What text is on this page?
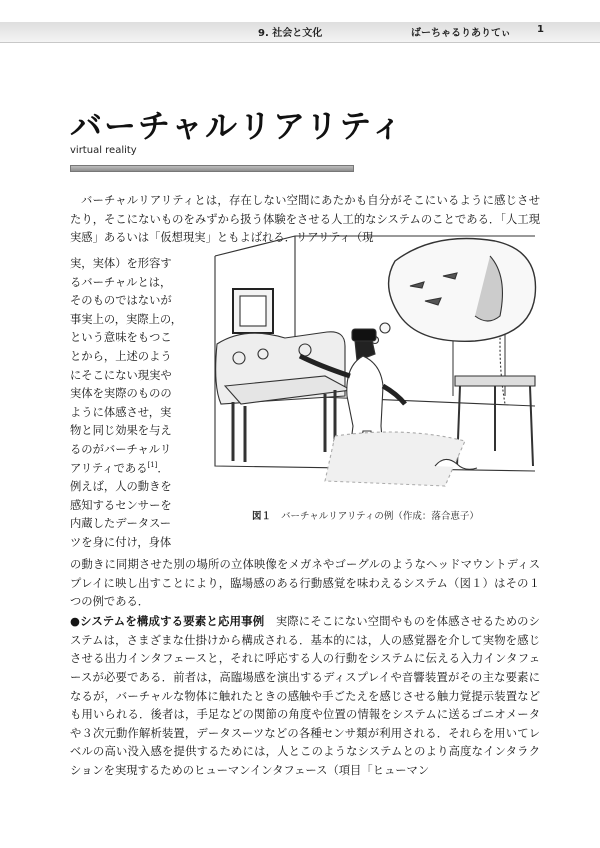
9. 社会と文化	ばーちゃるりありてぃ	1
バーチャルリアリティ
virtual reality

バーチャルリアリティとは，存在しない空間にあたかも自分がそこにいるように感じさせたり，そこにないものをみずから扱う体験をさせる人工的なシステムのことである．「人工現実感」あるいは「仮想現実」ともよばれる．リアリティ（現

実，実体）を形容す
るバーチャルとは，
そのものではないが
事実上の，実際上の，
という意味をもつこ
とから，上述のよう
にそこにない現実や
実体を実際のものの
ように体感させ，実
物と同じ効果を与え
るのがバーチャルリ
アリティである[1]．
例えば，人の動きを
感知するセンサーを
内蔵したデータスー
ツを身に付け，身体
図１ バーチャルリアリティの例（作成：落合恵子）

の動きに同期させた別の場所の立体映像をメガネやゴーグルのようなヘッドマウントディスプレイに映し出すことにより，臨場感のある行動感覚を味わえるシステム（図１）はその１つの例である．

●システムを構成する要素と応用事例　 実際にそこにない空間やものを体感させるためのシステムは，さまざまな仕掛けから構成される．基本的には，人の感覚器を介して実物を感じさせる出力インタフェースと，それに呼応する人の行動をシステムに伝える入力インタフェースが必要である．前者は，高臨場感を演出するディスプレイや音響装置がその主な要素になるが，バーチャルな物体に触れたときの感触や手ごたえを感じさせる触力覚提示装置なども用いられる．後者は，手足などの関節の角度や位置の情報をシステムに送るゴニオメータや３次元動作解析装置，データスーツなどの各種センサ類が利用される．それらを用いてレベルの高い没入感を提供するためには，人とこのようなシステムとのより高度なインタラクションを実現するためのヒューマンインタフェース（項目「ヒューマン
